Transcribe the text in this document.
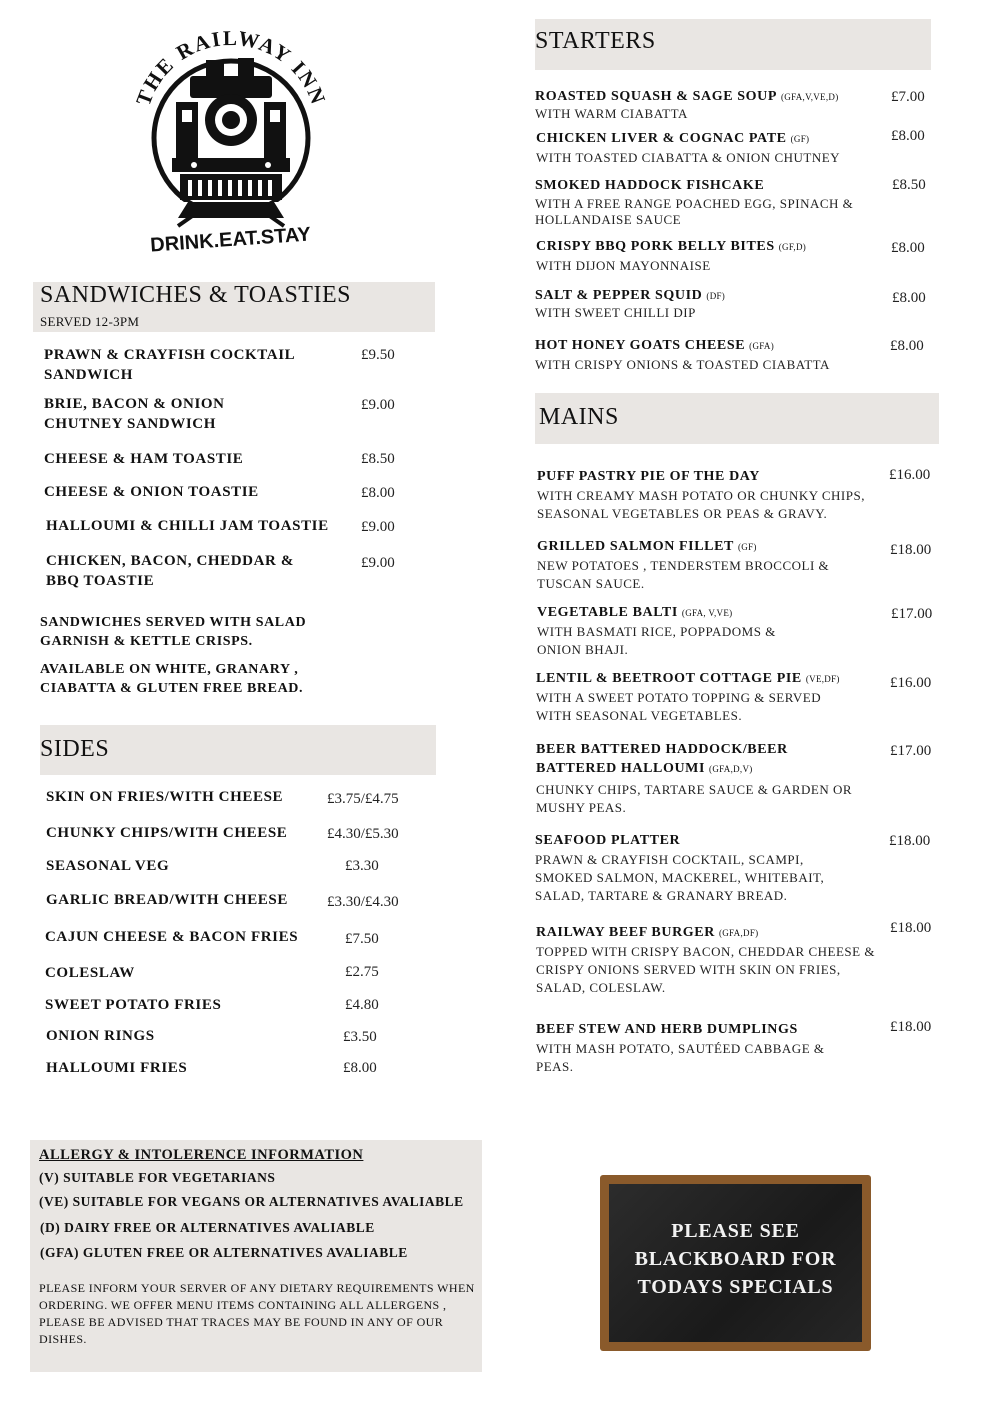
THE RAILWAY INN
DRINK.EAT.STAY
SANDWICHES & TOASTIES
SERVED 12-3PM
PRAWN & CRAYFISH COCKTAIL SANDWICH
£9.50
BRIE, BACON & ONION CHUTNEY SANDWICH
£9.00
CHEESE & HAM TOASTIE	£8.50
CHEESE & ONION TOASTIE	£8.00
HALLOUMI & CHILLI JAM TOASTIE £9.00
CHICKEN, BACON, CHEDDAR & BBQ TOASTIE
£9.00
SANDWICHES SERVED WITH SALAD GARNISH & KETTLE CRISPS.
AVAILABLE ON WHITE, GRANARY , CIABATTA & GLUTEN FREE BREAD.
SIDES
SKIN ON FRIES/WITH CHEESE	£3.75/£4.75
CHUNKY CHIPS/WITH CHEESE	£4.30/£5.30
SEASONAL VEG	£3.30
GARLIC BREAD/WITH CHEESE	£3.30/£4.30
CAJUN CHEESE & BACON FRIES	£7.50
COLESLAW	£2.75
SWEET POTATO FRIES	£4.80
ONION RINGS	£3.50
HALLOUMI FRIES	£8.00
ALLERGY & INTOLERENCE INFORMATION
(V) SUITABLE FOR VEGETARIANS
(VE) SUITABLE FOR VEGANS OR ALTERNATIVES AVALIABLE
(D) DAIRY FREE OR ALTERNATIVES AVALIABLE
(GFA) GLUTEN FREE OR ALTERNATIVES AVALIABLE
PLEASE INFORM YOUR SERVER OF ANY DIETARY REQUIREMENTS WHEN ORDERING. WE OFFER MENU ITEMS CONTAINING ALL ALLERGENS , PLEASE BE ADVISED THAT TRACES MAY BE FOUND IN ANY OF OUR DISHES.
STARTERS
ROASTED SQUASH & SAGE SOUP (GFA,V,VE,D)
WITH WARM CIABATTA
£7.00
CHICKEN LIVER & COGNAC PATE (GF)
WITH TOASTED CIABATTA & ONION CHUTNEY
£8.00
SMOKED HADDOCK FISHCAKE
WITH A FREE RANGE POACHED EGG, SPINACH & HOLLANDAISE SAUCE
£8.50
CRISPY BBQ PORK BELLY BITES (GF,D)
WITH DIJON MAYONNAISE
£8.00
SALT & PEPPER SQUID (DF)
WITH SWEET CHILLI DIP
£8.00
HOT HONEY GOATS CHEESE (GFA)
WITH CRISPY ONIONS & TOASTED CIABATTA
£8.00
MAINS
PUFF PASTRY PIE OF THE DAY
WITH CREAMY MASH POTATO OR CHUNKY CHIPS, SEASONAL VEGETABLES OR PEAS & GRAVY.
£16.00
GRILLED SALMON FILLET (GF)
NEW POTATOES , TENDERSTEM BROCCOLI & TUSCAN SAUCE.
£18.00
VEGETABLE BALTI (GFA, V,VE)
WITH BASMATI RICE, POPPADOMS & ONION BHAJI.
£17.00
LENTIL & BEETROOT COTTAGE PIE (VE,DF)
WITH A SWEET POTATO TOPPING & SERVED WITH SEASONAL VEGETABLES.
£16.00
BEER BATTERED HADDOCK/BEER BATTERED HALLOUMI (GFA,D,V)
CHUNKY CHIPS, TARTARE SAUCE & GARDEN OR MUSHY PEAS.
£17.00
SEAFOOD PLATTER
PRAWN & CRAYFISH COCKTAIL, SCAMPI, SMOKED SALMON, MACKEREL, WHITEBAIT, SALAD, TARTARE & GRANARY BREAD.
£18.00
RAILWAY BEEF BURGER (GFA,DF)
TOPPED WITH CRISPY BACON, CHEDDAR CHEESE & CRISPY ONIONS SERVED WITH SKIN ON FRIES, SALAD, COLESLAW.
£18.00
BEEF STEW AND HERB DUMPLINGS
WITH MASH POTATO, SAUTÉED CABBAGE & PEAS.
£18.00
PLEASE SEE
BLACKBOARD FOR
TODAYS SPECIALS
